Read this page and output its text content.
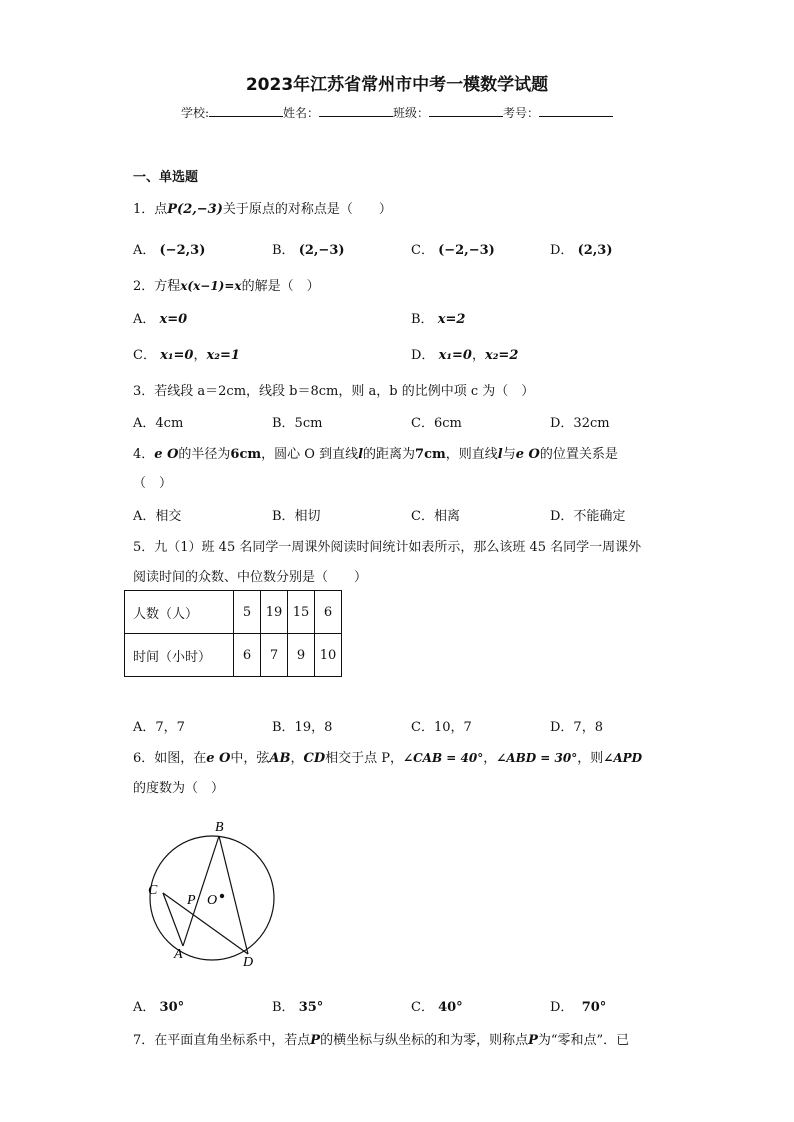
2023年江苏省常州市中考一模数学试题
学校:	姓名：	班级：	考号：
一、单选题
1．点P(2,−3)关于原点的对称点是（　　）
A． (−2,3)	B． (2,−3)	C． (−2,−3)	D． (2,3)
2．方程x(x−1)=x的解是（　）
A． x=0	B． x=2
C． x₁=0，x₂=1	D． x₁=0，x₂=2
3．若线段 a＝2cm，线段 b＝8cm，则 a，b 的比例中项 c 为（　）
A．4cm	B．5cm	C．6cm	D．32cm
4．e O的半径为6cm，圆心 O 到直线l的距离为7cm，则直线l与e O的位置关系是
（　）
A．相交	B．相切	C．相离	D．不能确定
5．九（1）班 45 名同学一周课外阅读时间统计如表所示，那么该班 45 名同学一周课外
阅读时间的众数、中位数分别是（　　）
人数（人）	5	19	15	6
时间（小时）	6	7	9	10
A．7，7	B．19，8	C．10，7	D．7，8
6．如图，在e O中，弦AB，CD相交于点 P，∠CAB = 40°，∠ABD = 30°，则∠APD
的度数为（　）
B
C
P O
A
D
A． 30°	B． 35°	C． 40°	D． 70°
7．在平面直角坐标系中，若点P的横坐标与纵坐标的和为零，则称点P为“零和点”．已
